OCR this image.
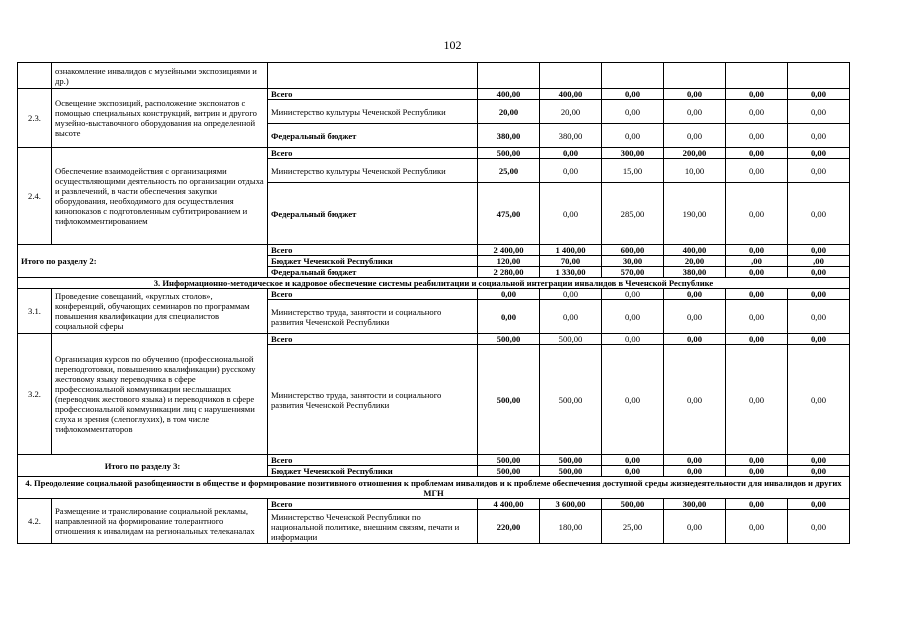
102
	ознакомление инвалидов с музейными экспозициями и др.)							
2.3.	Освещение экспозиций, расположение экспонатов с помощью специальных конструкций, витрин и другого музейно-выставочного оборудования на определенной высоте	Всего	400,00	400,00	0,00	0,00	0,00	0,00
		Министерство культуры Чеченской Республики	20,00	20,00	0,00	0,00	0,00	0,00
		Федеральный бюджет	380,00	380,00	0,00	0,00	0,00	0,00
2.4.	Обеспечение взаимодействия с организациями осуществляющими деятельность по организации отдыха и развлечений, в части обеспечения закупки оборудования, необходимого для осуществления кинопоказов с подготовленным субтитрированием и тифлокомментированием	Всего	500,00	0,00	300,00	200,00	0,00	0,00
		Министерство культуры Чеченской Республики	25,00	0,00	15,00	10,00	0,00	0,00
		Федеральный бюджет	475,00	0,00	285,00	190,00	0,00	0,00
Итого по разделу 2:		Всего	2 400,00	1 400,00	600,00	400,00	0,00	0,00
		Бюджет Чеченской Республики	120,00	70,00	30,00	20,00	,00	,00
		Федеральный бюджет	2 280,00	1 330,00	570,00	380,00	0,00	0,00
3. Информационно-методическое и кадровое обеспечение системы реабилитации и социальной интеграции инвалидов в Чеченской Республике								
3.1.	Проведение совещаний, «круглых столов», конференций, обучающих семинаров по программам повышения квалификации для специалистов социальной сферы	Всего	0,00	0,00	0,00	0,00	0,00	0,00
		Министерство труда, занятости и социального развития Чеченской Республики	0,00	0,00	0,00	0,00	0,00	0,00
3.2.	Организация курсов по обучению (профессиональной переподготовки, повышению квалификации) русскому жестовому языку переводчика в сфере профессиональной коммуникации неслышащих (переводчик жестового языка) и переводчиков в сфере профессиональной коммуникации лиц с нарушениями слуха и зрения (слепоглухих), в том числе тифлокомментаторов	Всего	500,00	500,00	0,00	0,00	0,00	0,00
		Министерство труда, занятости и социального развития Чеченской Республики	500,00	500,00	0,00	0,00	0,00	0,00
Итого по разделу 3:		Всего	500,00	500,00	0,00	0,00	0,00	0,00
		Бюджет Чеченской Республики	500,00	500,00	0,00	0,00	0,00	0,00
4. Преодоление социальной разобщенности в обществе и формирование позитивного отношения к проблемам инвалидов и к проблеме обеспечения доступной среды жизнедеятельности для инвалидов и других МГН								
4.2.	Размещение и транслирование социальной рекламы, направленной на формирование толерантного отношения к инвалидам на региональных телеканалах	Всего	4 400,00	3 600,00	500,00	300,00	0,00	0,00
		Министерство Чеченской Республики по национальной политике, внешним связям, печати и информации	220,00	180,00	25,00	0,00	0,00	0,00
